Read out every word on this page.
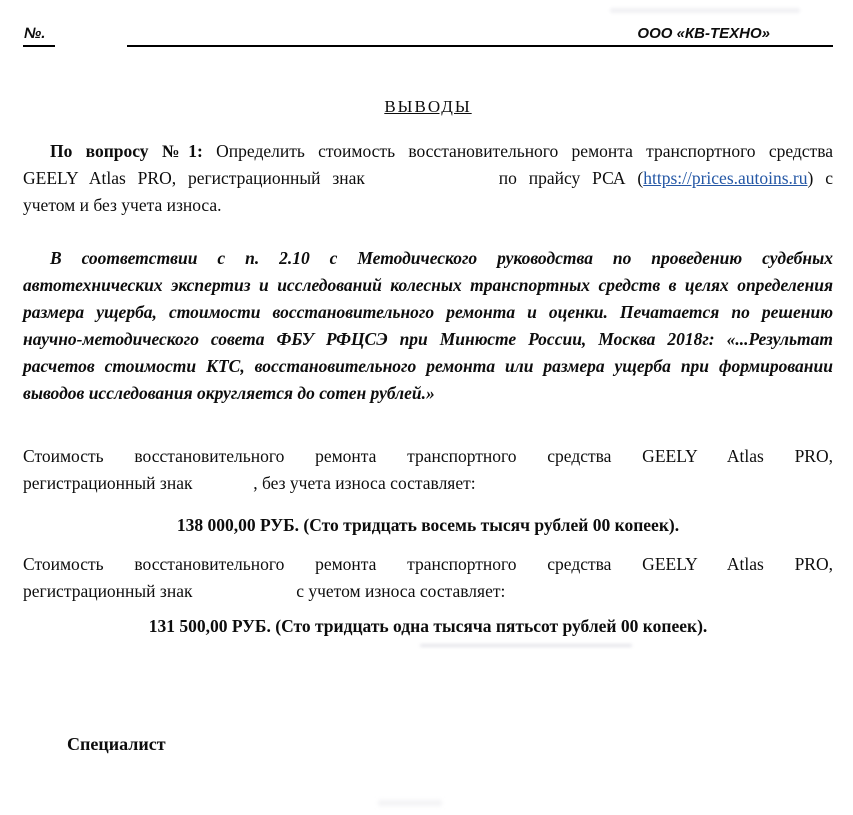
№.	ООО «КВ-ТЕХНО»
ВЫВОДЫ
По вопросу №1: Определить стоимость восстановительного ремонта транспортного средства
GEELY Atlas PRO, регистрационный знак	по прайсу РСА (https://prices.autoins.ru) с
учетом и без учета износа.
В соответствии с п. 2.10 с Методического руководства по проведению судебных
автотехнических экспертиз и исследований колесных транспортных средств в целях определения
размера ущерба, стоимости восстановительного ремонта и оценки. Печатается по решению
научно-методического совета ФБУ РФЦСЭ при Минюсте России, Москва 2018г: «...Результат
расчетов стоимости КТС, восстановительного ремонта или размера ущерба при формировании
выводов исследования округляется до сотен рублей.»
Стоимость восстановительного ремонта транспортного средства GEELY Atlas PRO,
регистрационный знак	, без учета износа составляет:
138 000,00 РУБ. (Сто тридцать восемь тысяч рублей 00 копеек).
Стоимость восстановительного ремонта транспортного средства GEELY Atlas PRO,
регистрационный знак	с учетом износа составляет:
131 500,00 РУБ. (Сто тридцать одна тысяча пятьсот рублей 00 копеек).
Специалист
